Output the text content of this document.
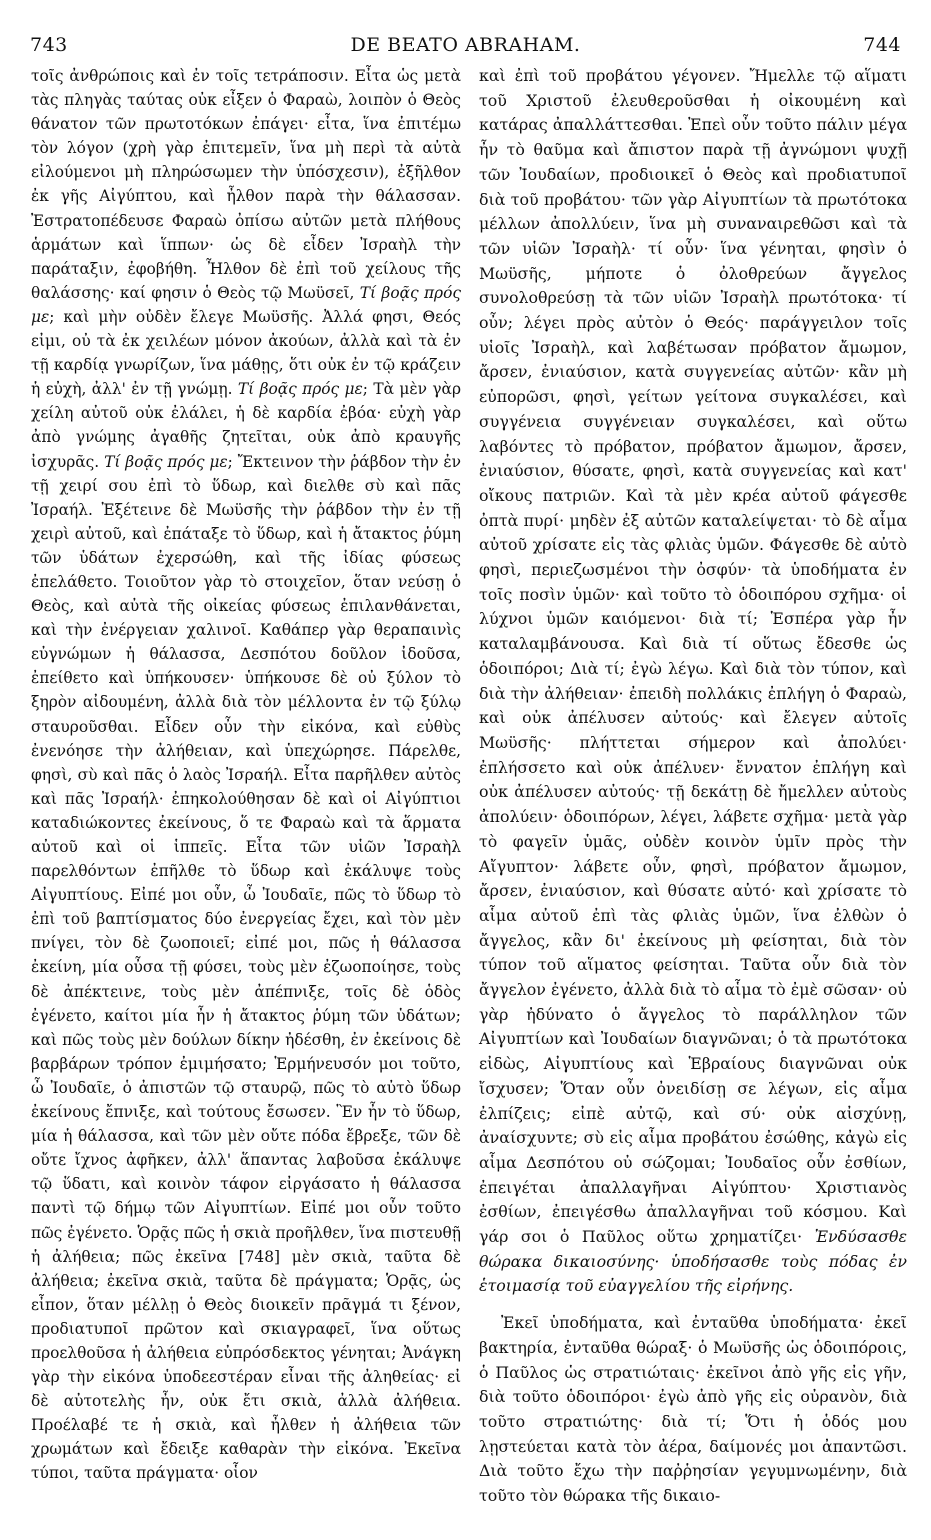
743	DE BEATO ABRAHAM.	744

τοῖς ἀνθρώποις καὶ ἐν τοῖς τετράποσιν. Εἶτα ὡς μετὰ τὰς πληγὰς ταύτας οὐκ εἶξεν ὁ Φαραὼ, λοιπὸν ὁ Θεὸς θάνατον τῶν πρωτοτόκων ἐπάγει· εἶτα, ἵνα ἐπιτέμω τὸν λόγον (χρὴ γὰρ ἐπιτεμεῖν, ἵνα μὴ περὶ τὰ αὐτὰ εἰλούμενοι μὴ πληρώσωμεν τὴν ὑπόσχεσιν), ἐξῆλθον ἐκ γῆς Αἰγύπτου, καὶ ἦλθον παρὰ τὴν θάλασσαν. Ἐστρατοπέδευσε Φαραὼ ὀπίσω αὐτῶν μετὰ πλήθους ἁρμάτων καὶ ἵππων· ὡς δὲ εἶδεν Ἰσραὴλ τὴν παράταξιν, ἐφοβήθη. Ἦλθον δὲ ἐπὶ τοῦ χείλους τῆς θαλάσσης· καί φησιν ὁ Θεὸς τῷ Μωϋσεῖ, Τί βοᾷς πρός με; καὶ μὴν οὐδὲν ἔλεγε Μωϋσῆς. Ἀλλά φησι, Θεός εἰμι, οὐ τὰ ἐκ χειλέων μόνον ἀκούων, ἀλλὰ καὶ τὰ ἐν τῇ καρδίᾳ γνωρίζων, ἵνα μάθῃς, ὅτι οὐκ ἐν τῷ κράζειν ἡ εὐχὴ, ἀλλ' ἐν τῇ γνώμῃ. Τί βοᾷς πρός με; Τὰ μὲν γὰρ χείλη αὐτοῦ οὐκ ἐλάλει, ἡ δὲ καρδία ἐβόα· εὐχὴ γὰρ ἀπὸ γνώμης ἀγαθῆς ζητεῖται, οὐκ ἀπὸ κραυγῆς ἰσχυρᾶς. Τί βοᾷς πρός με; Ἔκτεινον τὴν ῥάβδον τὴν ἐν τῇ χειρί σου ἐπὶ τὸ ὕδωρ, καὶ διελθε σὺ καὶ πᾶς Ἰσραήλ. Ἐξέτεινε δὲ Μωϋσῆς τὴν ῥάβδον τὴν ἐν τῇ χειρὶ αὐτοῦ, καὶ ἐπάταξε τὸ ὕδωρ, καὶ ἡ ἄτακτος ῥύμη τῶν ὑδάτων ἐχερσώθη, καὶ τῆς ἰδίας φύσεως ἐπελάθετο. Τοιοῦτον γὰρ τὸ στοιχεῖον, ὅταν νεύσῃ ὁ Θεὸς, καὶ αὐτὰ τῆς οἰκείας φύσεως ἐπιλανθάνεται, καὶ τὴν ἐνέργειαν χαλινοῖ. Καθάπερ γὰρ θεραπαινὶς εὐγνώμων ἡ θάλασσα, Δεσπότου δοῦλον ἰδοῦσα, ἐπείθετο καὶ ὑπήκουσεν· ὑπήκουσε δὲ οὐ ξύλον τὸ ξηρὸν αἰδουμένη, ἀλλὰ διὰ τὸν μέλλοντα ἐν τῷ ξύλῳ σταυροῦσθαι. Εἶδεν οὖν τὴν εἰκόνα, καὶ εὐθὺς ἐνενόησε τὴν ἀλήθειαν, καὶ ὑπεχώρησε. Πάρελθε, φησὶ, σὺ καὶ πᾶς ὁ λαὸς Ἰσραήλ. Εἶτα παρῆλθεν αὐτὸς καὶ πᾶς Ἰσραήλ· ἐπηκολούθησαν δὲ καὶ οἱ Αἰγύπτιοι καταδιώκοντες ἐκείνους, ὅ τε Φαραὼ καὶ τὰ ἅρματα αὐτοῦ καὶ οἱ ἱππεῖς. Εἶτα τῶν υἱῶν Ἰσραὴλ παρελθόντων ἐπῆλθε τὸ ὕδωρ καὶ ἐκάλυψε τοὺς Αἰγυπτίους. Εἰπέ μοι οὖν, ὦ Ἰουδαῖε, πῶς τὸ ὕδωρ τὸ ἐπὶ τοῦ βαπτίσματος δύο ἐνεργείας ἔχει, καὶ τὸν μὲν πνίγει, τὸν δὲ ζωοποιεῖ; εἰπέ μοι, πῶς ἡ θάλασσα ἐκείνη, μία οὖσα τῇ φύσει, τοὺς μὲν ἐζωοποίησε, τοὺς δὲ ἀπέκτεινε, τοὺς μὲν ἀπέπνιξε, τοῖς δὲ ὁδὸς ἐγένετο, καίτοι μία ἦν ἡ ἄτακτος ῥύμη τῶν ὑδάτων; καὶ πῶς τοὺς μὲν δούλων δίκην ἠδέσθη, ἐν ἐκείνοις δὲ βαρβάρων τρόπον ἐμιμήσατο; Ἑρμήνευσόν μοι τοῦτο, ὦ Ἰουδαῖε, ὁ ἀπιστῶν τῷ σταυρῷ, πῶς τὸ αὐτὸ ὕδωρ ἐκείνους ἔπνιξε, καὶ τούτους ἔσωσεν. Ἓν ἦν τὸ ὕδωρ, μία ἡ θάλασσα, καὶ τῶν μὲν οὔτε πόδα ἔβρεξε, τῶν δὲ οὔτε ἴχνος ἀφῆκεν, ἀλλ' ἅπαντας λαβοῦσα ἐκάλυψε τῷ ὕδατι, καὶ κοινὸν τάφον εἰργάσατο ἡ θάλασσα παντὶ τῷ δήμῳ τῶν Αἰγυπτίων. Εἰπέ μοι οὖν τοῦτο πῶς ἐγένετο. Ὁρᾷς πῶς ἡ σκιὰ προῆλθεν, ἵνα πιστευθῇ ἡ ἀλήθεια; πῶς ἐκεῖνα [748] μὲν σκιὰ, ταῦτα δὲ ἀλήθεια; ἐκεῖνα σκιὰ, ταῦτα δὲ πράγματα; Ὁρᾷς, ὡς εἶπον, ὅταν μέλλῃ ὁ Θεὸς διοικεῖν πρᾶγμά τι ξένον, προδιατυποῖ πρῶτον καὶ σκιαγραφεῖ, ἵνα οὕτως προελθοῦσα ἡ ἀλήθεια εὐπρόσδεκτος γένηται; Ἀνάγκη γὰρ τὴν εἰκόνα ὑποδεεστέραν εἶναι τῆς ἀληθείας· εἰ δὲ αὐτοτελὴς ἦν, οὐκ ἔτι σκιὰ, ἀλλὰ ἀλήθεια. Προέλαβέ τε ἡ σκιὰ, καὶ ἦλθεν ἡ ἀλήθεια τῶν χρωμάτων καὶ ἔδειξε καθαρὰν τὴν εἰκόνα. Ἐκεῖνα τύποι, ταῦτα πράγματα· οἷον

καὶ ἐπὶ τοῦ προβάτου γέγονεν. Ἤμελλε τῷ αἵματι τοῦ Χριστοῦ ἐλευθεροῦσθαι ἡ οἰκουμένη καὶ κατάρας ἀπαλλάττεσθαι. Ἐπεὶ οὖν τοῦτο πάλιν μέγα ἦν τὸ θαῦμα καὶ ἄπιστον παρὰ τῇ ἀγνώμονι ψυχῇ τῶν Ἰουδαίων, προδιοικεῖ ὁ Θεὸς καὶ προδιατυποῖ διὰ τοῦ προβάτου· τῶν γὰρ Αἰγυπτίων τὰ πρωτότοκα μέλλων ἀπολλύειν, ἵνα μὴ συναναιρεθῶσι καὶ τὰ τῶν υἱῶν Ἰσραὴλ· τί οὖν· ἵνα γένηται, φησὶν ὁ Μωϋσῆς, μήποτε ὁ ὀλοθρεύων ἄγγελος συνολοθρεύσῃ τὰ τῶν υἱῶν Ἰσραὴλ πρωτότοκα· τί οὖν; λέγει πρὸς αὐτὸν ὁ Θεός· παράγγειλον τοῖς υἱοῖς Ἰσραὴλ, καὶ λαβέτωσαν πρόβατον ἄμωμον, ἄρσεν, ἐνιαύσιον, κατὰ συγγενείας αὐτῶν· κἂν μὴ εὐπορῶσι, φησὶ, γείτων γείτονα συγκαλέσει, καὶ συγγένεια συγγένειαν συγκαλέσει, καὶ οὕτω λαβόντες τὸ πρόβατον, πρόβατον ἄμωμον, ἄρσεν, ἐνιαύσιον, θύσατε, φησὶ, κατὰ συγγενείας καὶ κατ' οἴκους πατριῶν. Καὶ τὰ μὲν κρέα αὐτοῦ φάγεσθε ὀπτὰ πυρί· μηδὲν ἐξ αὐτῶν καταλείψεται· τὸ δὲ αἷμα αὐτοῦ χρίσατε εἰς τὰς φλιὰς ὑμῶν. Φάγεσθε δὲ αὐτὸ φησὶ, περιεζωσμένοι τὴν ὀσφύν· τὰ ὑποδήματα ἐν τοῖς ποσὶν ὑμῶν· καὶ τοῦτο τὸ ὁδοιπόρου σχῆμα· οἱ λύχνοι ὑμῶν καιόμενοι· διὰ τί; Ἑσπέρα γὰρ ἦν καταλαμβάνουσα. Καὶ διὰ τί οὕτως ἔδεσθε ὡς ὁδοιπόροι; Διὰ τί; ἐγὼ λέγω. Καὶ διὰ τὸν τύπον, καὶ διὰ τὴν ἀλήθειαν· ἐπειδὴ πολλάκις ἐπλήγη ὁ Φαραὼ, καὶ οὐκ ἀπέλυσεν αὐτούς· καὶ ἔλεγεν αὐτοῖς Μωϋσῆς· πλήττεται σήμερον καὶ ἀπολύει· ἐπλήσσετο καὶ οὐκ ἀπέλυεν· ἔννατον ἐπλήγη καὶ οὐκ ἀπέλυσεν αὐτούς· τῇ δεκάτῃ δὲ ἤμελλεν αὐτοὺς ἀπολύειν· ὁδοιπόρων, λέγει, λάβετε σχῆμα· μετὰ γὰρ τὸ φαγεῖν ὑμᾶς, οὐδὲν κοινὸν ὑμῖν πρὸς τὴν Αἴγυπτον· λάβετε οὖν, φησὶ, πρόβατον ἄμωμον, ἄρσεν, ἐνιαύσιον, καὶ θύσατε αὐτό· καὶ χρίσατε τὸ αἷμα αὐτοῦ ἐπὶ τὰς φλιὰς ὑμῶν, ἵνα ἐλθὼν ὁ ἄγγελος, κἂν δι' ἐκείνους μὴ φείσηται, διὰ τὸν τύπον τοῦ αἵματος φείσηται. Ταῦτα οὖν διὰ τὸν ἄγγελον ἐγένετο, ἀλλὰ διὰ τὸ αἷμα τὸ ἐμὲ σῶσαν· οὐ γὰρ ἠδύνατο ὁ ἄγγελος τὸ παράλληλον τῶν Αἰγυπτίων καὶ Ἰουδαίων διαγνῶναι; ὁ τὰ πρωτότοκα εἰδὼς, Αἰγυπτίους καὶ Ἑβραίους διαγνῶναι οὐκ ἴσχυσεν; Ὅταν οὖν ὀνειδίσῃ σε λέγων, εἰς αἷμα ἐλπίζεις; εἰπὲ αὐτῷ, καὶ σύ· οὐκ αἰσχύνῃ, ἀναίσχυντε; σὺ εἰς αἷμα προβάτου ἐσώθης, κἀγὼ εἰς αἷμα Δεσπότου οὐ σώζομαι; Ἰουδαῖος οὖν ἐσθίων, ἐπειγέται ἀπαλλαγῆναι Αἰγύπτου· Χριστιανὸς ἐσθίων, ἐπειγέσθω ἀπαλλαγῆναι τοῦ κόσμου. Καὶ γάρ σοι ὁ Παῦλος οὕτω χρηματίζει· Ἐνδύσασθε θώρακα δικαιοσύνης· ὑποδήσασθε τοὺς πόδας ἐν ἑτοιμασίᾳ τοῦ εὐαγγελίου τῆς εἰρήνης.

Ἐκεῖ ὑποδήματα, καὶ ἐνταῦθα ὑποδήματα· ἐκεῖ βακτηρία, ἐνταῦθα θώραξ· ὁ Μωϋσῆς ὡς ὁδοιπόροις, ὁ Παῦλος ὡς στρατιώταις· ἐκεῖνοι ἀπὸ γῆς εἰς γῆν, διὰ τοῦτο ὁδοιπόροι· ἐγὼ ἀπὸ γῆς εἰς οὐρανὸν, διὰ τοῦτο στρατιώτης· διὰ τί; Ὅτι ἡ ὁδός μου λῃστεύεται κατὰ τὸν ἀέρα, δαίμονές μοι ἀπαντῶσι. Διὰ τοῦτο ἔχω τὴν παῤῥησίαν γεγυμνωμένην, διὰ τοῦτο τὸν θώρακα τῆς δικαιο-
